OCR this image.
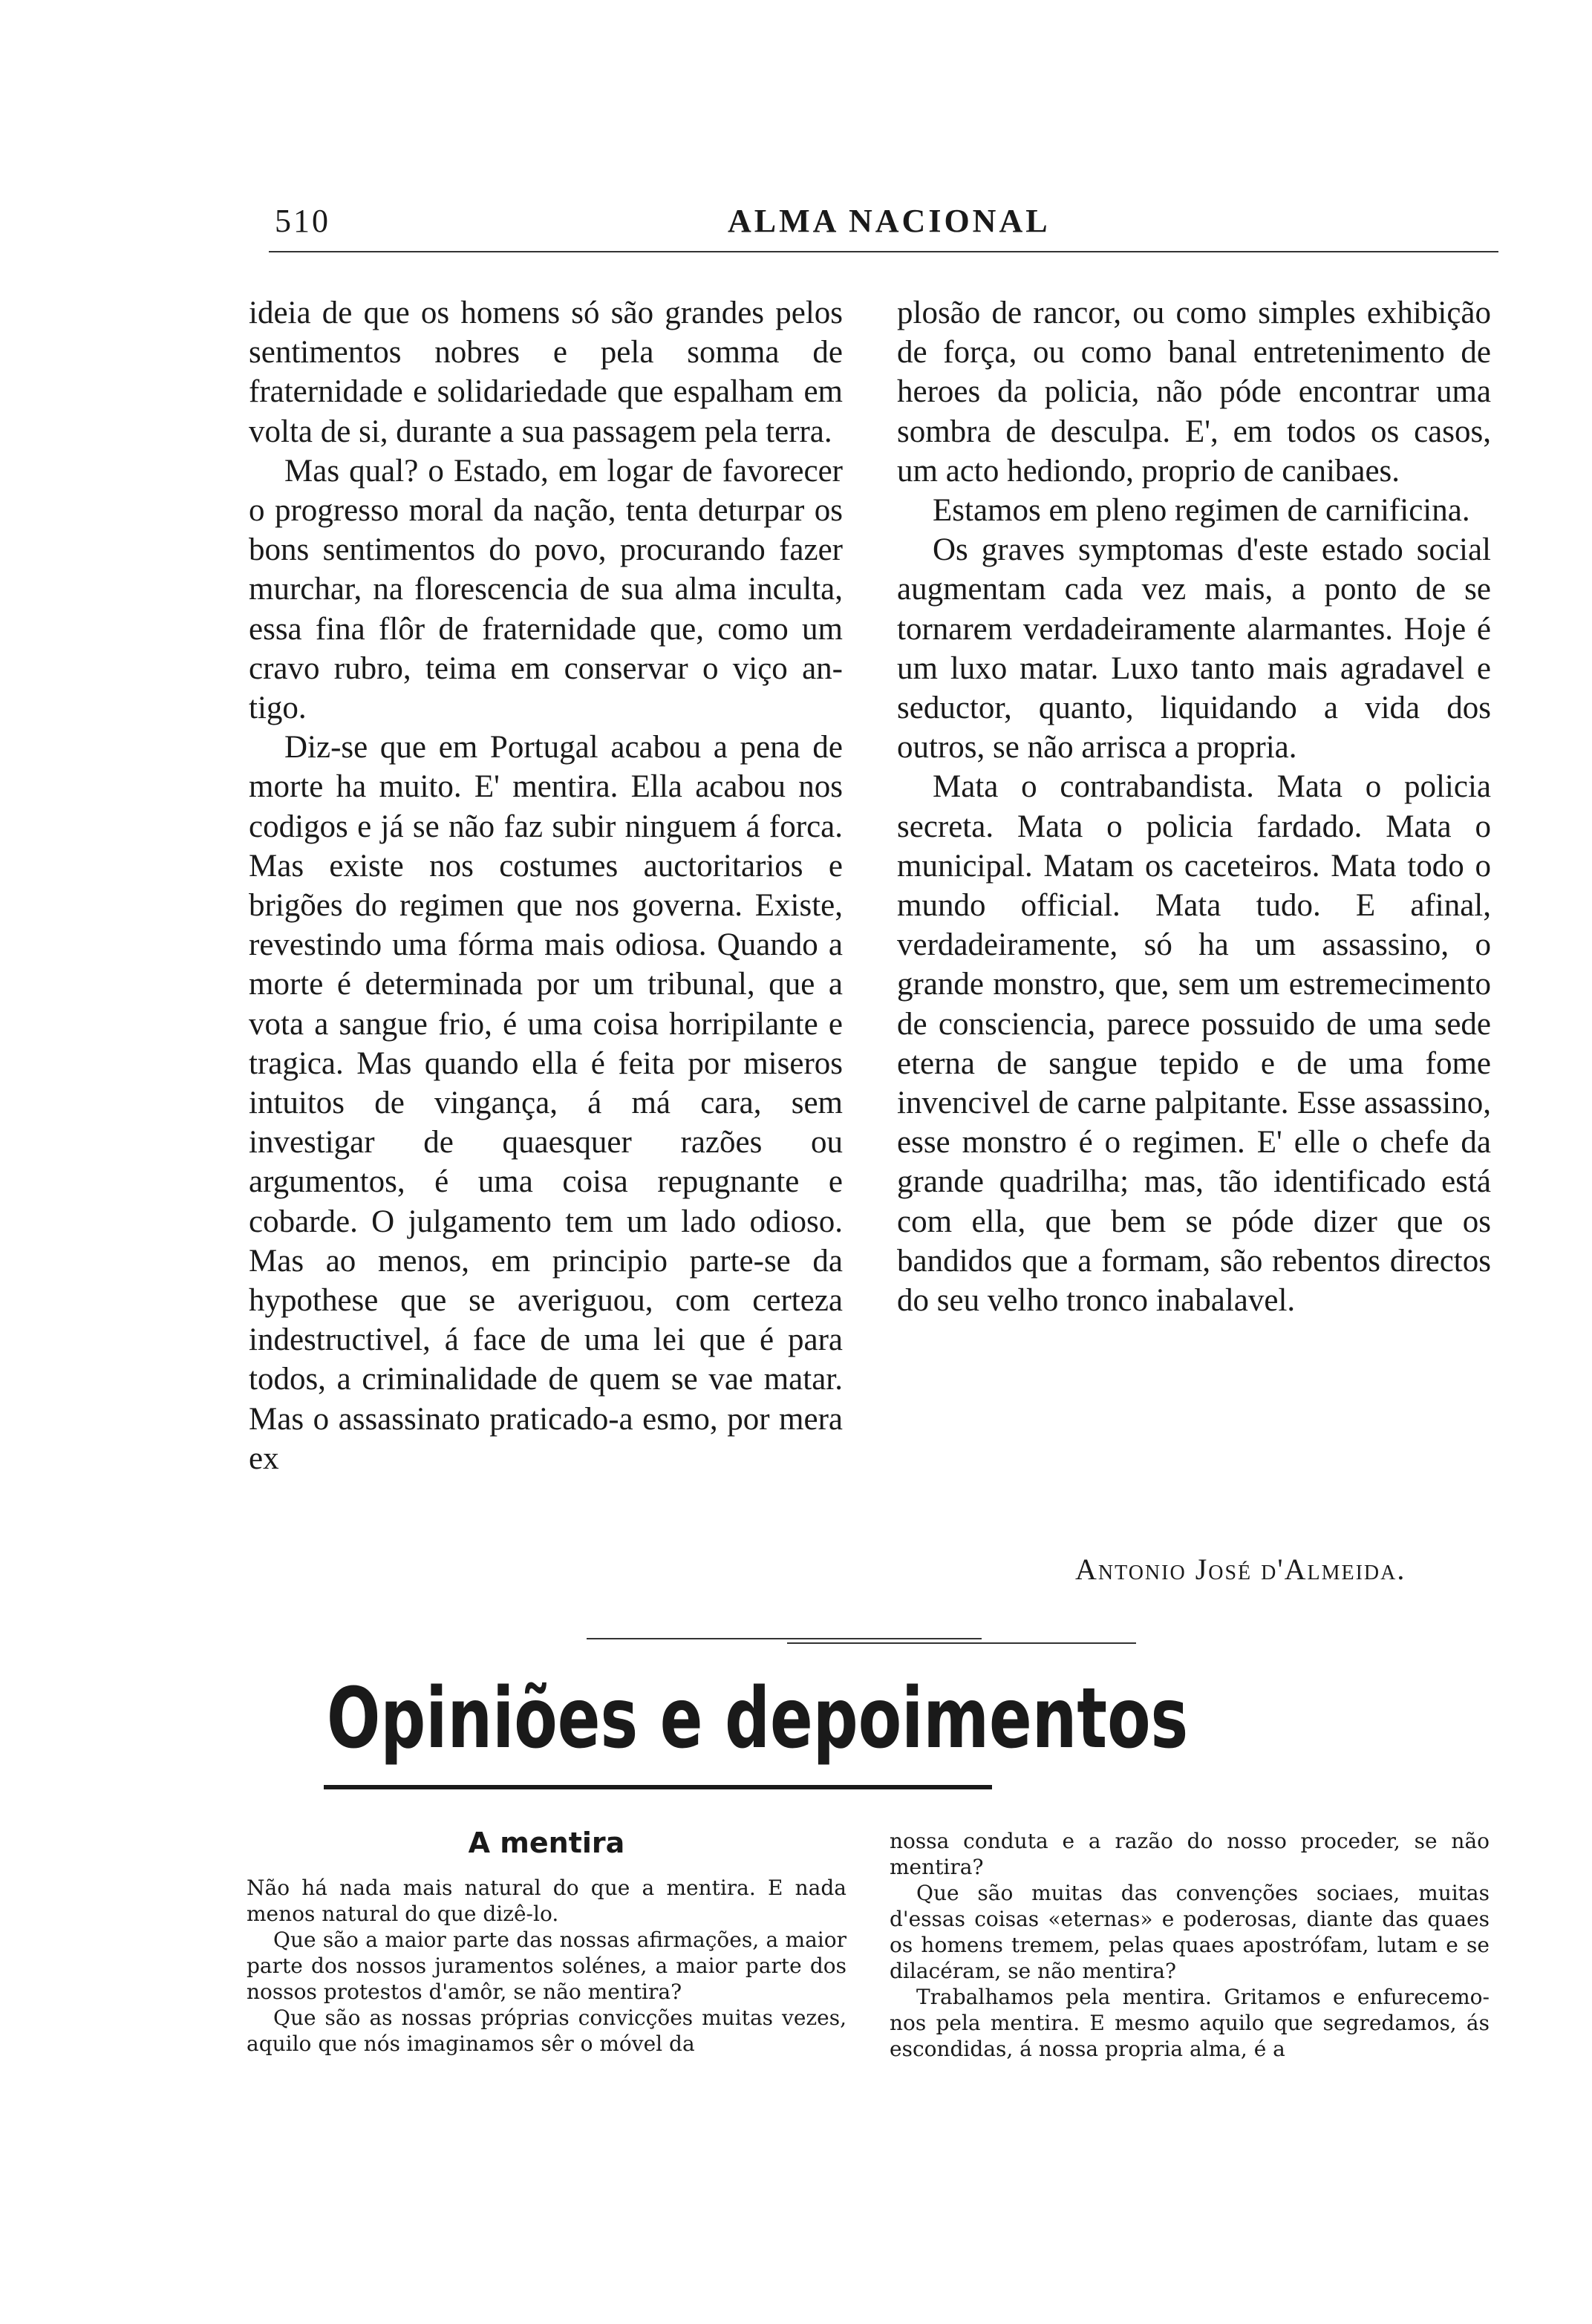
510	ALMA NACIONAL

ideia de que os homens só são grandes pelos sentimentos nobres e pela somma de fraternidade e solidariedade que espalham em volta de si, durante a sua passagem pela terra.

Mas qual? o Estado, em logar de favorecer o progresso moral da nação, tenta deturpar os bons sentimentos do povo, procurando fazer murchar, na florescencia de sua alma inculta, essa fina flôr de fraternidade que, como um cravo rubro, teima em conservar o viço antigo.

Diz-se que em Portugal acabou a pena de morte ha muito. E' mentira. Ella acabou nos codigos e já se não faz subir ninguem á forca. Mas existe nos costumes auctoritarios e brigões do regimen que nos governa. Existe, revestindo uma fórma mais odiosa. Quando a morte é determinada por um tribunal, que a vota a sangue frio, é uma coisa horripilante e tragica. Mas quando ella é feita por miseros intuitos de vingança, á má cara, sem investigar de quaesquer razões ou argumentos, é uma coisa repugnante e cobarde. O julgamento tem um lado odioso. Mas ao menos, em principio parte-se da hypothese que se averiguou, com certeza indestructivel, á face de uma lei que é para todos, a criminalidade de quem se vae matar. Mas o assassinato praticado-a esmo, por mera ex

plosão de rancor, ou como simples exhibição de força, ou como banal entretenimento de heroes da policia, não póde encontrar uma sombra de desculpa. E', em todos os casos, um acto hediondo, proprio de canibaes.

Estamos em pleno regimen de carnificina.

Os graves symptomas d'este estado social augmentam cada vez mais, a ponto de se tornarem verdadeiramente alarmantes. Hoje é um luxo matar. Luxo tanto mais agradavel e seductor, quanto, liquidando a vida dos outros, se não arrisca a propria.

Mata o contrabandista. Mata o policia secreta. Mata o policia fardado. Mata o municipal. Matam os caceteiros. Mata todo o mundo official. Mata tudo. E afinal, verdadeiramente, só ha um assassino, o grande monstro, que, sem um estremecimento de consciencia, parece possuido de uma sede eterna de sangue tepido e de uma fome invencivel de carne palpitante. Esse assassino, esse monstro é o regimen. E' elle o chefe da grande quadrilha; mas, tão identificado está com ella, que bem se póde dizer que os bandidos que a formam, são rebentos directos do seu velho tronco inabalavel.

Antonio José d'Almeida.
Opiniões e depoimentos
A mentira

Não há nada mais natural do que a mentira. E nada menos natural do que dizê-lo.

Que são a maior parte das nossas afirmações, a maior parte dos nossos juramentos solénes, a maior parte dos nossos protestos d'amôr, se não mentira?

Que são as nossas próprias convicções muitas vezes, aquilo que nós imaginamos sêr o móvel da

nossa conduta e a razão do nosso proceder, se não mentira?

Que são muitas das convenções sociaes, muitas d'essas coisas «eternas» e poderosas, diante das quaes os homens tremem, pelas quaes apostrófam, lutam e se dilacéram, se não mentira?

Trabalhamos pela mentira. Gritamos e enfurecemo-nos pela mentira. E mesmo aquilo que segredamos, ás escondidas, á nossa propria alma, é a
